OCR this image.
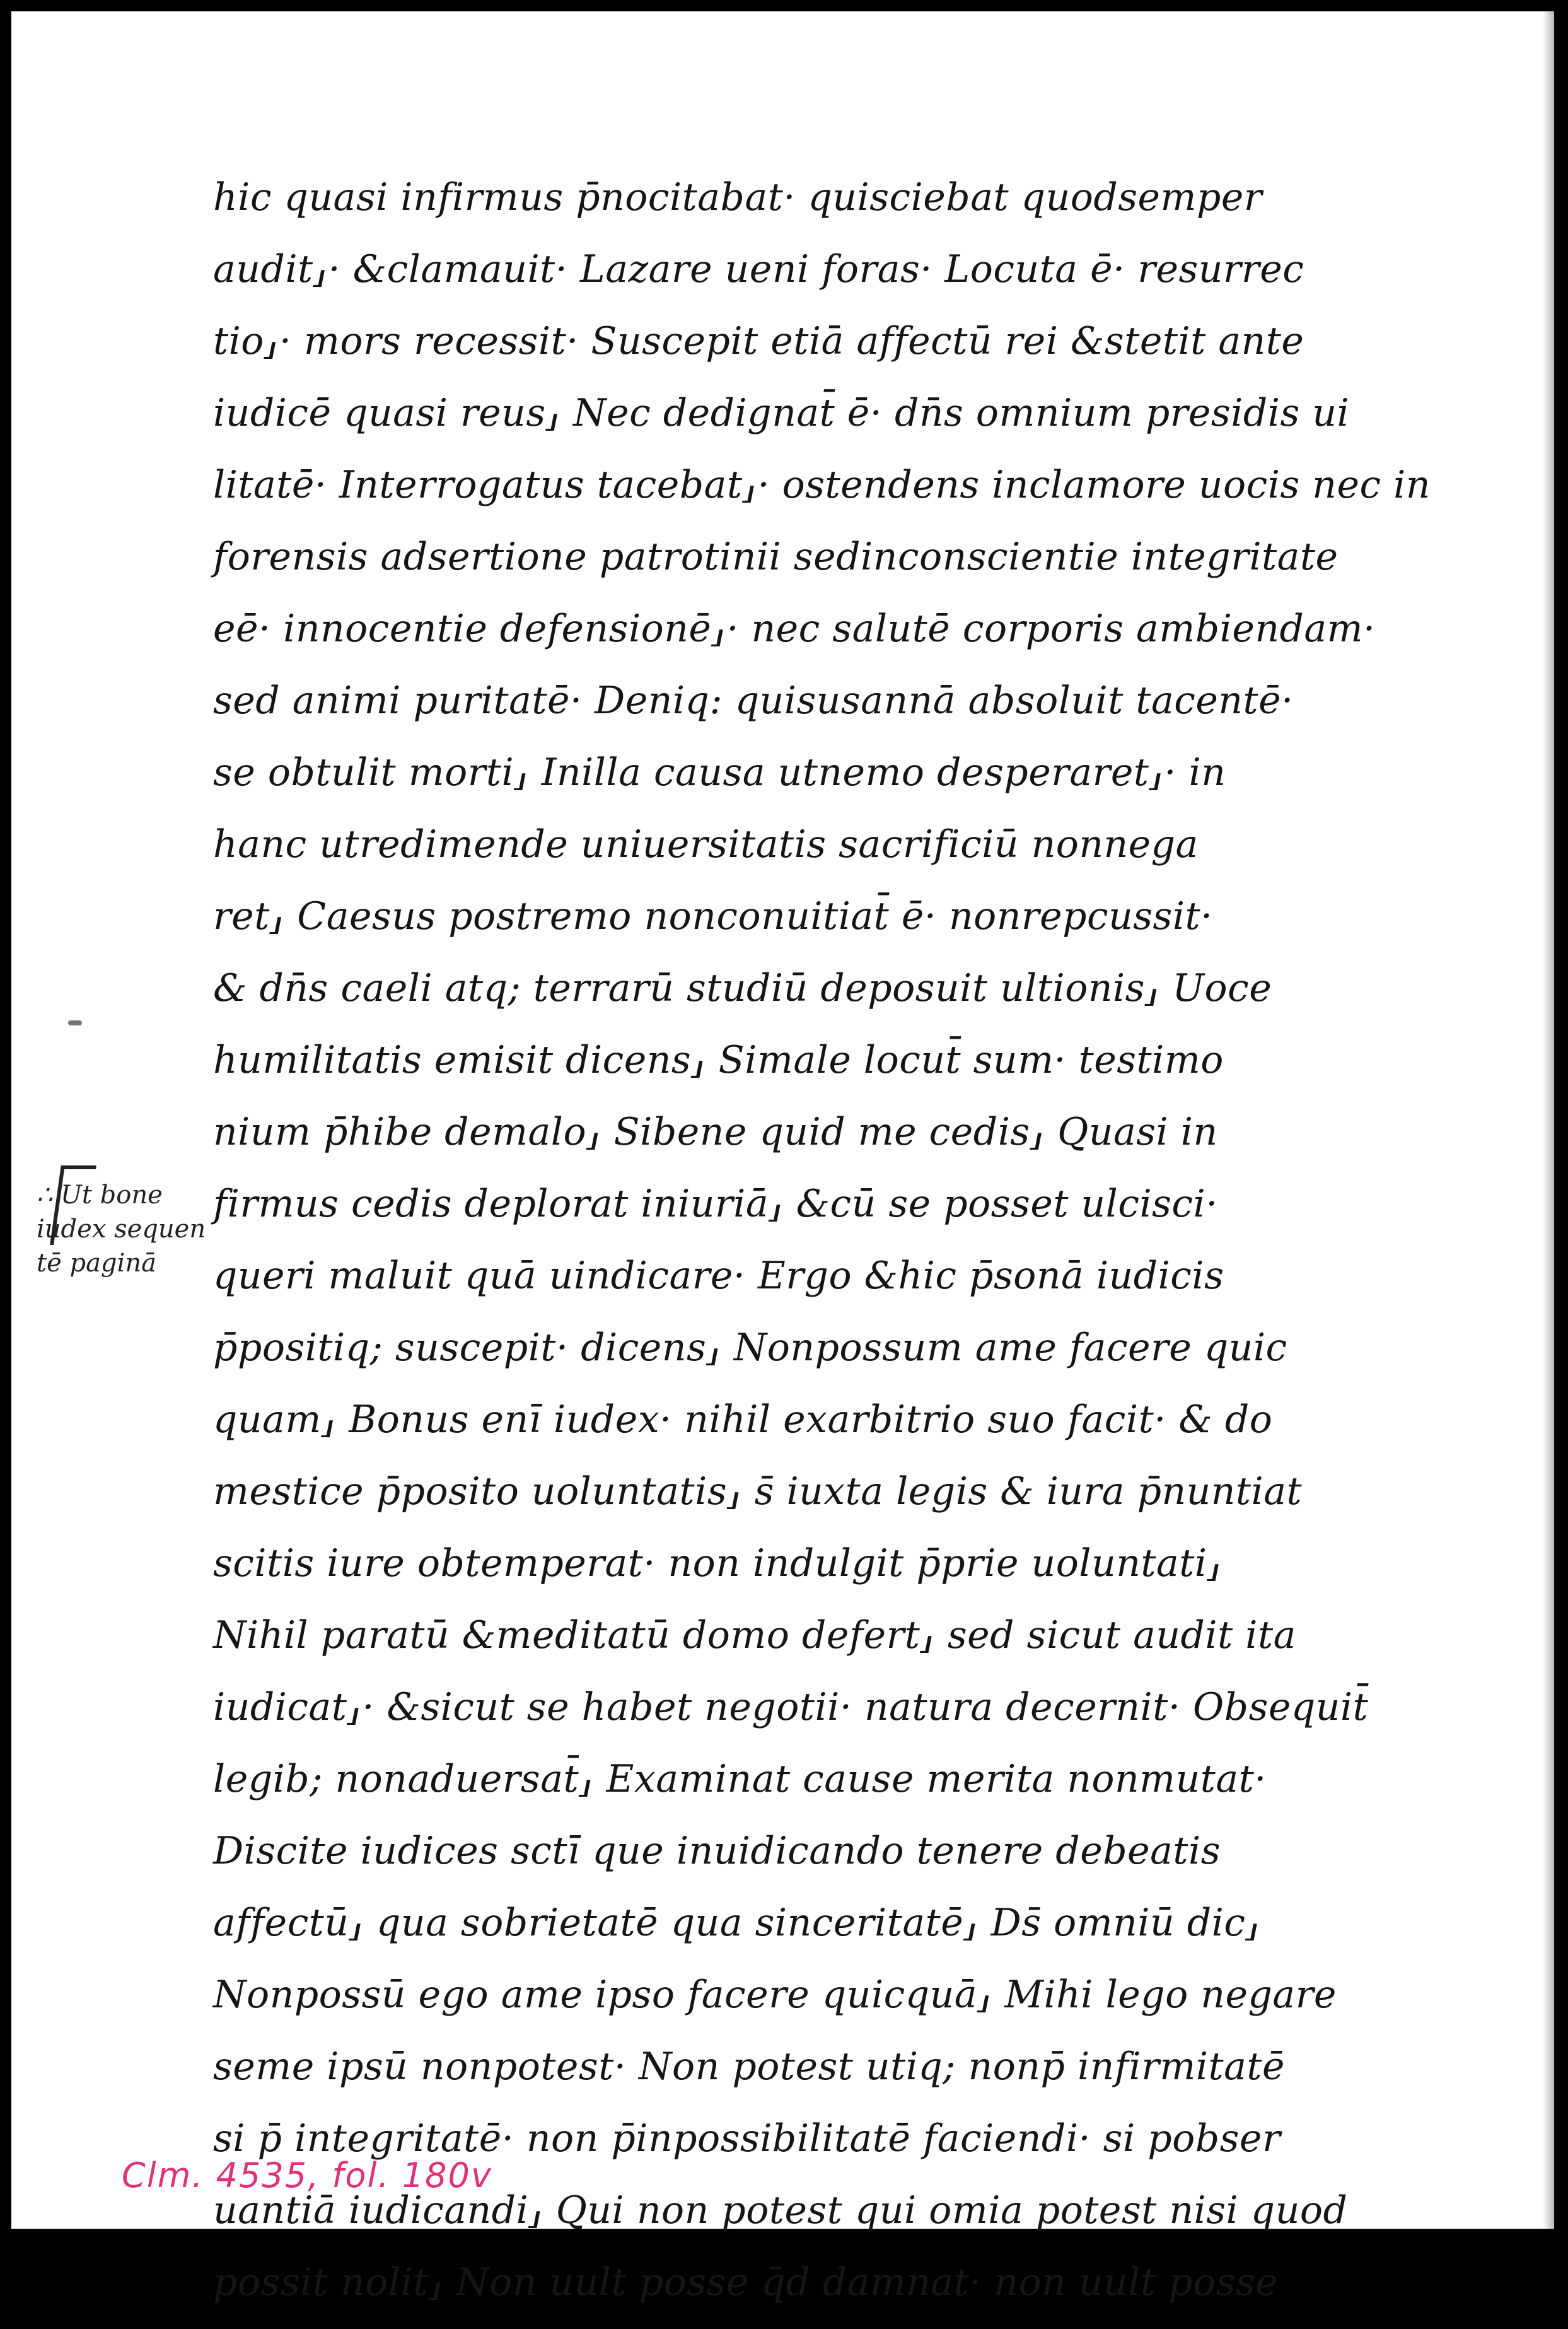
hic quasi infirmus p̄nocitabat· quisciebat quodsemper
audit⸥· &clamauit· Lazare ueni foras· Locuta ē· resurrec
tio⸥· mors recessit· Suscepit etiā affectū rei &stetit ante
iudicē quasi reus⸥ Nec dedignat̄ ē· dn̄s omnium presidis ui
litatē· Interrogatus tacebat⸥· ostendens inclamore uocis nec in
forensis adsertione patrotinii sedinconscientie integritate
eē· innocentie defensionē⸥· nec salutē corporis ambiendam·
sed animi puritatē· Deniq: quisusannā absoluit tacentē·
se obtulit morti⸥ Inilla causa utnemo desperaret⸥· in
hanc utredimende uniuersitatis sacrificiū nonnega
ret⸥ Caesus postremo nonconuitiat̄ ē· nonrepcussit·
& dn̄s caeli atq; terrarū studiū deposuit ultionis⸥ Uoce
humilitatis emisit dicens⸥ Simale locut̄ sum· testimo
nium p̄hibe demalo⸥ Sibene quid me cedis⸥ Quasi in
firmus cedis deplorat iniuriā⸥ &cū se posset ulcisci·
queri maluit quā uindicare· Ergo &hic p̄sonā iudicis
p̄positiq; suscepit· dicens⸥ Nonpossum ame facere quic
quam⸥ Bonus enī iudex· nihil exarbitrio suo facit· & do
mestice p̄posito uoluntatis⸥ s̄ iuxta legis & iura p̄nuntiat
scitis iure obtemperat· non indulgit p̄prie uoluntati⸥
Nihil paratū &meditatū domo defert⸥ sed sicut audit ita
iudicat⸥· &sicut se habet negotii· natura decernit· Obsequit̄
legib; nonaduersat̄⸥ Examinat cause merita nonmutat·
Discite iudices sctī que inuidicando tenere debeatis
affectū⸥ qua sobrietatē qua sinceritatē⸥ Ds̄ omniū dic⸥
Nonpossū ego ame ipso facere quicquā⸥ Mihi lego negare
seme ipsū nonpotest· Non potest utiq; nonp̄ infirmitatē
si p̄ integritatē· non p̄inpossibilitatē faciendi· si pobser
uantiā iudicandi⸥ Qui non potest qui omia potest nisi quod
possit nolit⸥ Non uult posse q̄d damnat· non uult posse
∴ Ut bone
iudex sequen
tē paginā
Clm. 4535, fol. 180v
